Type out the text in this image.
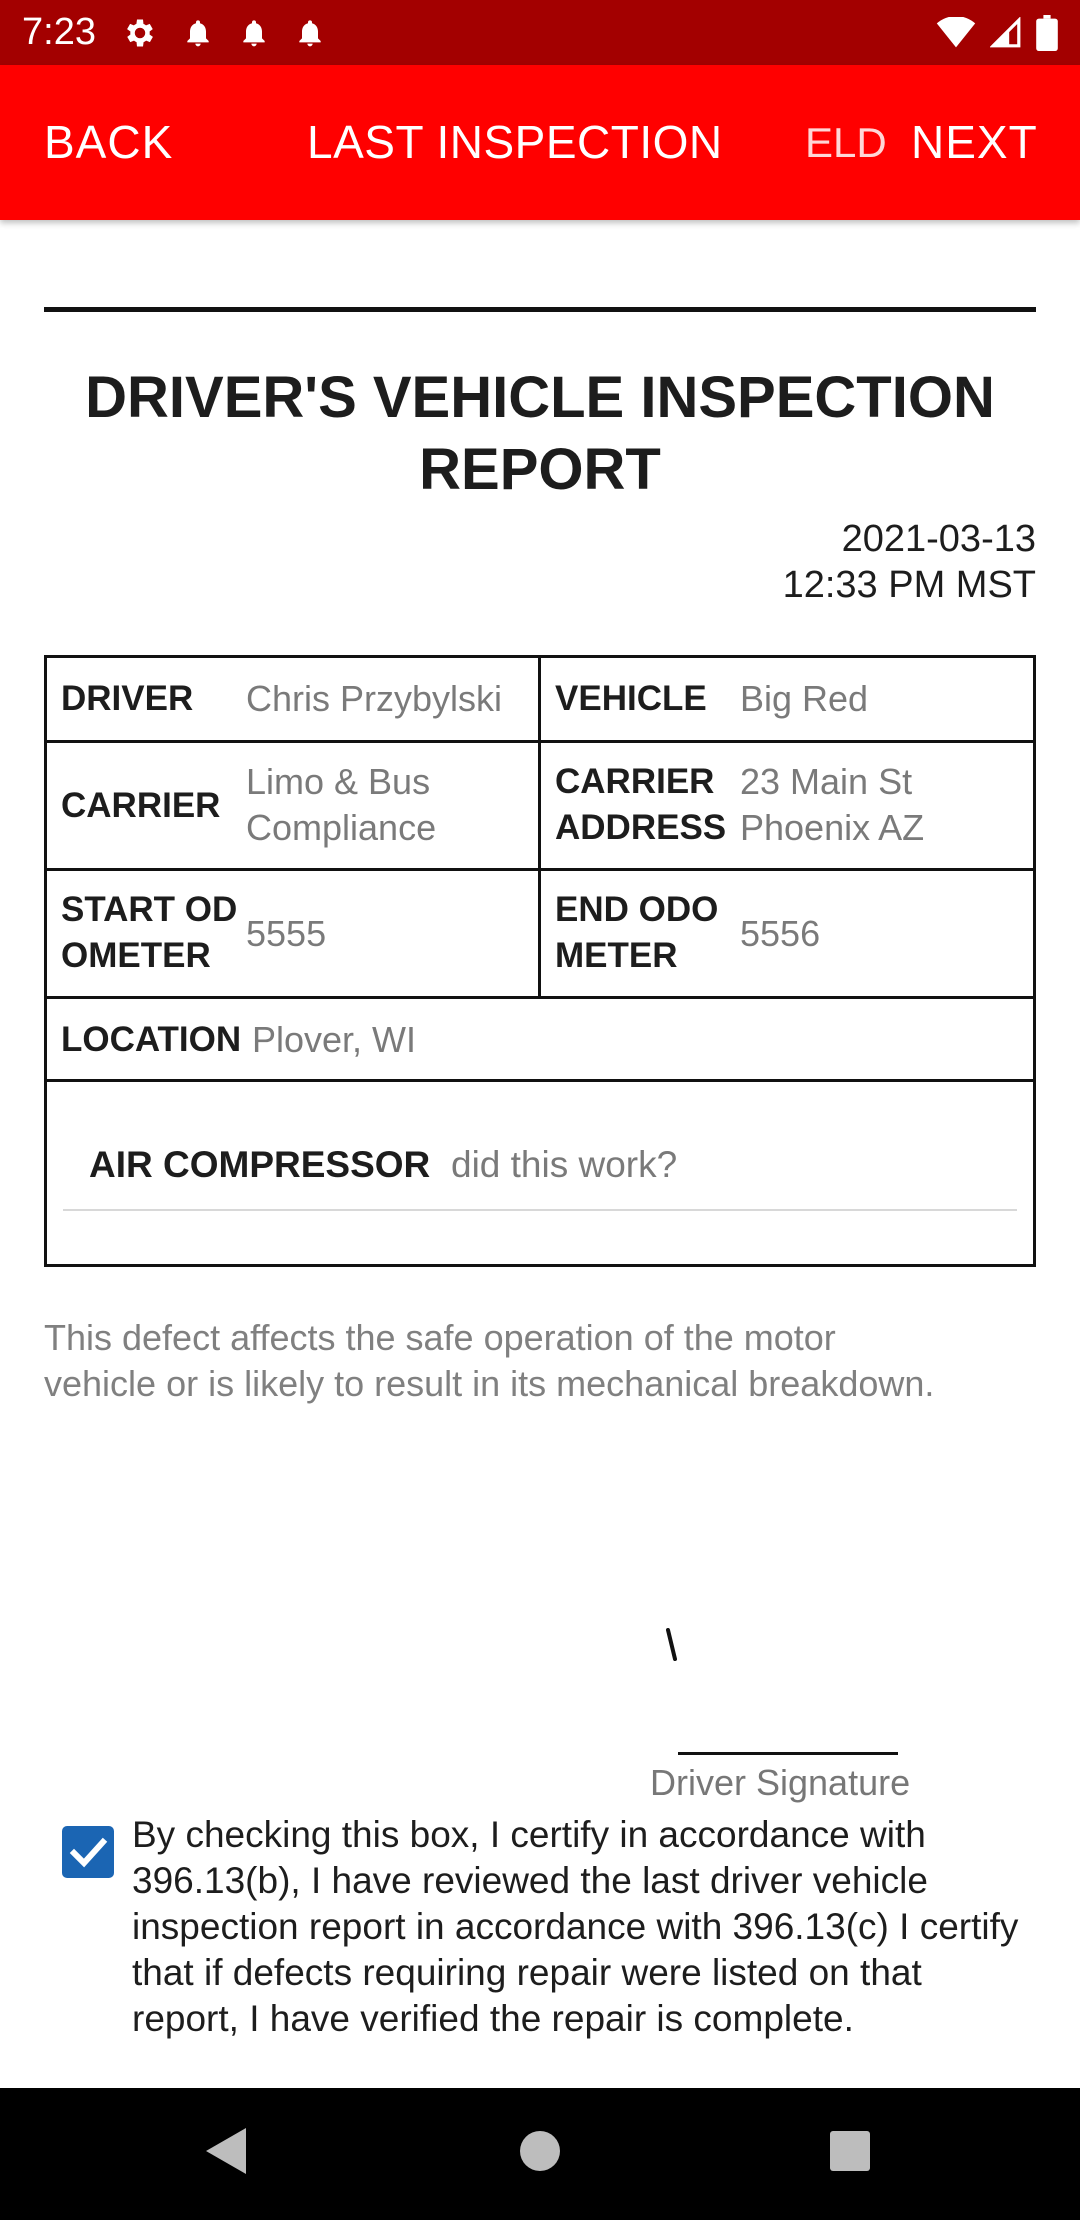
7:23
BACK	LAST INSPECTION ELD NEXT
DRIVER'S VEHICLE INSPECTION
REPORT
2021-03-13
12:33 PM MST
DRIVER Chris Przybylski VEHICLE Big Red
CARRIER
Limo & Bus
Compliance
CARRIER
ADDRESS
23 Main St
Phoenix AZ
START OD
OMETER
5555
END ODO
METER
5556
LOCATION Plover, WI
AIR COMPRESSOR did this work?
This defect affects the safe operation of the motor
vehicle or is likely to result in its mechanical breakdown.
Driver Signature
By checking this box, I certify in accordance with 396.13(b), I have reviewed the last driver vehicle inspection report in accordance with 396.13(c) I certify that if defects requiring repair were listed on that report, I have verified the repair is complete.
